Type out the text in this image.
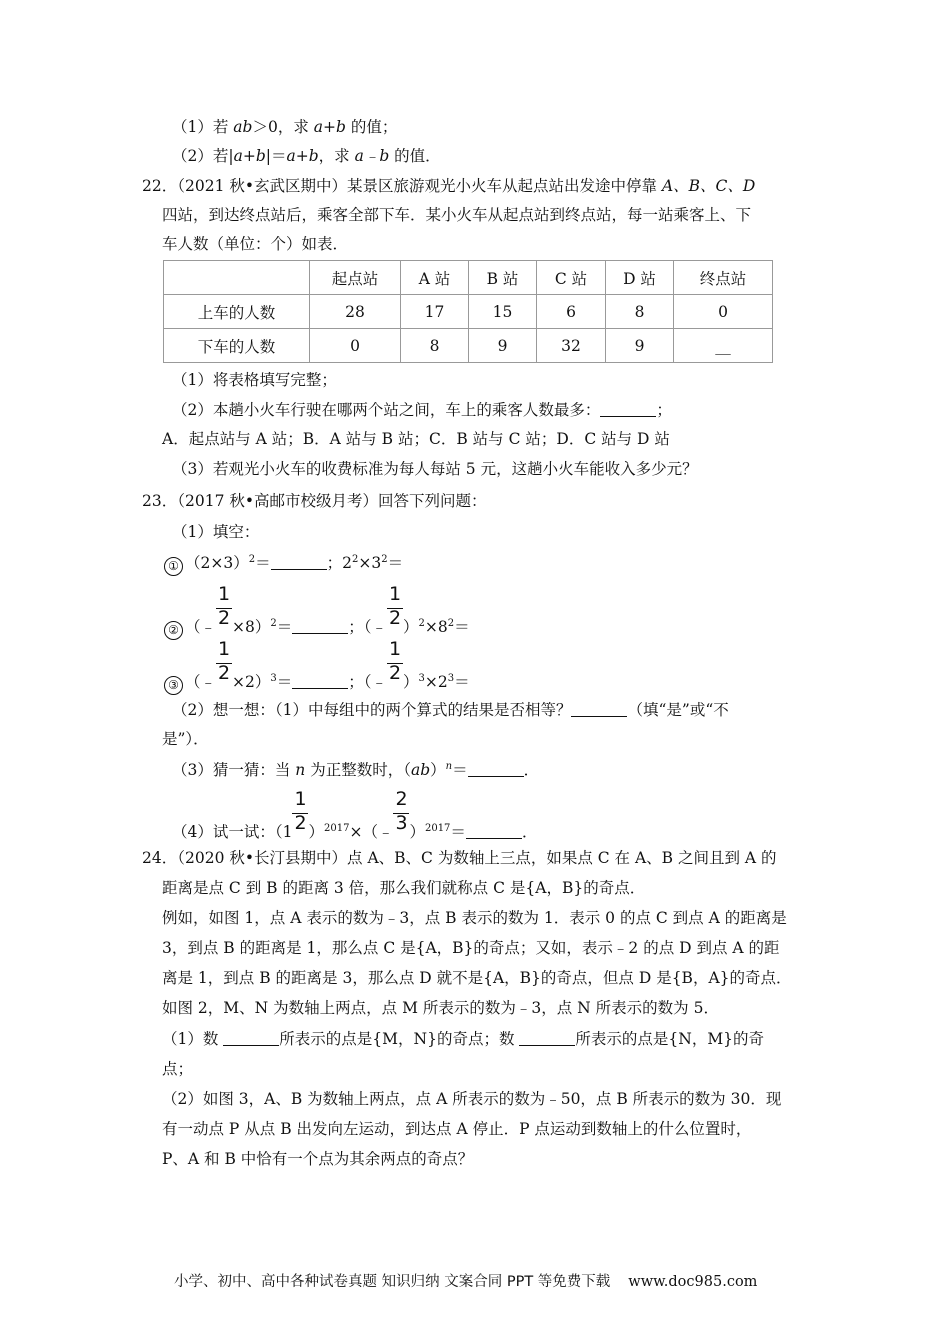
（1）若 ab＞0，求 a+b 的值；
（2）若|a+b|＝a+b，求 a﹣b 的值．
22．（2021 秋•玄武区期中）某景区旅游观光小火车从起点站出发途中停靠 A、B、C、D
四站，到达终点站后，乘客全部下车．某小火车从起点站到终点站，每一站乘客上、下
车人数（单位：个）如表．
	起点站	A 站	B 站	C 站	D 站	终点站
上车的人数	28	17	15	6	8	0
下车的人数	0	8	9	32	9	__
（1）将表格填写完整；
（2）本趟小火车行驶在哪两个站之间，车上的乘客人数最多：	；
A．起点站与 A 站；B．A 站与 B 站；C．B 站与 C 站；D．C 站与 D 站
（3）若观光小火车的收费标准为每人每站 5 元，这趟小火车能收入多少元？
23．（2017 秋•高邮市校级月考）回答下列问题：
（1）填空：
① $(2\times 3)^2=$	；$2^2\times 3^2=$
② （﹣ $\frac{1}{2} \times 8)^2=$	；（﹣ $\frac{1}{2} )^2\times 8^2=$
③ （﹣ $\frac{1}{2} \times 2)^3=$	；（﹣ $\frac{1}{2} )^3\times 2^3=$
（2）想一想：（1）中每组中的两个算式的结果是否相等？	（填“是”或“不
是”）．
（3）猜一猜：当 n 为正整数时，（ab）$^n$＝	．
（4）试一试：（$1 \frac{1}{2}$ ）$^{2017}$×（﹣ $\frac{2}{3} )^{2017}=$	．
24．（2020 秋•长汀县期中）点 A、B、C 为数轴上三点，如果点 C 在 A、B 之间且到 A 的
距离是点 C 到 B 的距离 3 倍，那么我们就称点 C 是{A，B}的奇点．
例如，如图 1，点 A 表示的数为﹣3，点 B 表示的数为 1．表示 0 的点 C 到点 A 的距离是
3，到点 B 的距离是 1，那么点 C 是{A，B}的奇点；又如，表示﹣2 的点 D 到点 A 的距
离是 1，到点 B 的距离是 3，那么点 D 就不是{A，B}的奇点，但点 D 是{B，A}的奇点．
如图 2，M、N 为数轴上两点，点 M 所表示的数为﹣3，点 N 所表示的数为 5．
（1）数	所表示的点是{M，N}的奇点；数	所表示的点是{N，M}的奇
点；
（2）如图 3，A、B 为数轴上两点，点 A 所表示的数为﹣50，点 B 所表示的数为 30．现
有一动点 P 从点 B 出发向左运动，到达点 A 停止．P 点运动到数轴上的什么位置时，
P、A 和 B 中恰有一个点为其余两点的奇点？
小学、初中、高中各种试卷真题 知识归纳 文案合同 PPT 等免费下载 www.doc985.com
